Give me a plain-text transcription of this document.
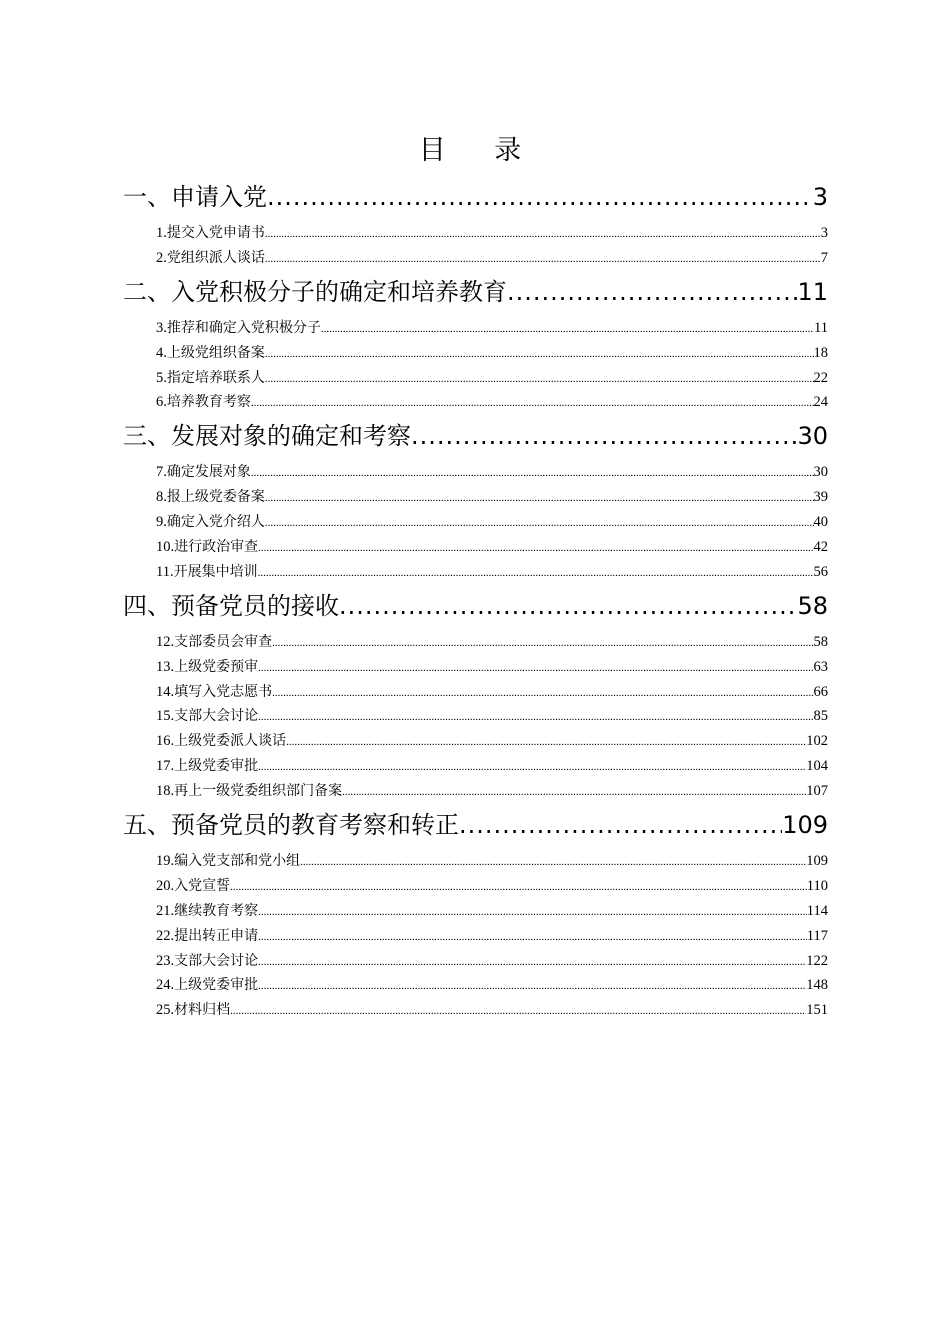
目 录
一、申请入党 .....	3
1.提交入党申请书 .....	3
2.党组织派人谈话 .....	7
二、入党积极分子的确定和培养教育 .....	11
3.推荐和确定入党积极分子 .....	11
4.上级党组织备案 .....	18
5.指定培养联系人 .....	22
6.培养教育考察 .....	24
三、发展对象的确定和考察 .....	30
7.确定发展对象 .....	30
8.报上级党委备案 .....	39
9.确定入党介绍人 .....	40
10.进行政治审查 .....	42
11.开展集中培训 .....	56
四、预备党员的接收 .....	58
12.支部委员会审查 .....	58
13.上级党委预审 .....	63
14.填写入党志愿书 .....	66
15.支部大会讨论 .....	85
16.上级党委派人谈话 .....	102
17.上级党委审批 .....	104
18.再上一级党委组织部门备案 .....	107
五、预备党员的教育考察和转正 .....	109
19.编入党支部和党小组 .....	109
20.入党宣誓 .....	110
21.继续教育考察 .....	114
22.提出转正申请 .....	117
23.支部大会讨论 .....	122
24.上级党委审批 .....	148
25.材料归档 .....	151
